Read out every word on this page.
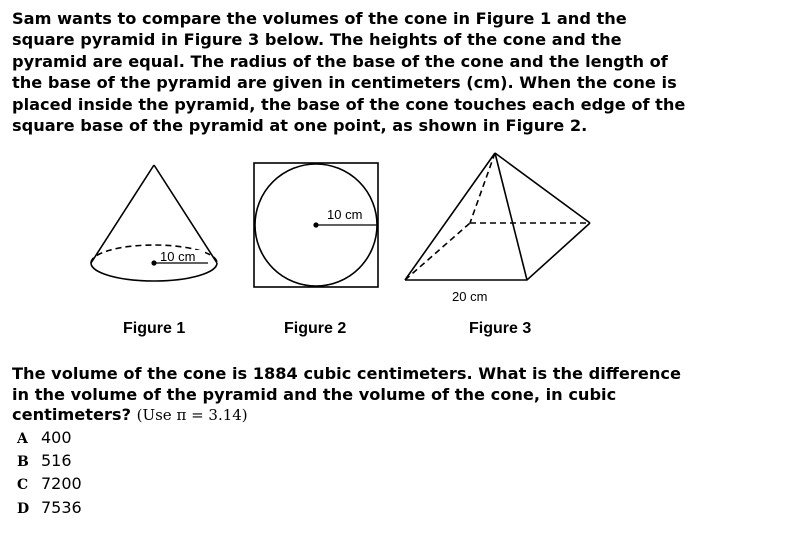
Sam wants to compare the volumes of the cone in Figure 1 and the
square pyramid in Figure 3 below. The heights of the cone and the
pyramid are equal. The radius of the base of the cone and the length of
the base of the pyramid are given in centimeters (cm). When the cone is
placed inside the pyramid, the base of the cone touches each edge of the
square base of the pyramid at one point, as shown in Figure 2.
10 cm
10 cm
20 cm
Figure 1	Figure 2	Figure 3
The volume of the cone is 1884 cubic centimeters. What is the difference
in the volume of the pyramid and the volume of the cone, in cubic
centimeters? (Use π = 3.14)
A 400
B 516
C 7200
D 7536
